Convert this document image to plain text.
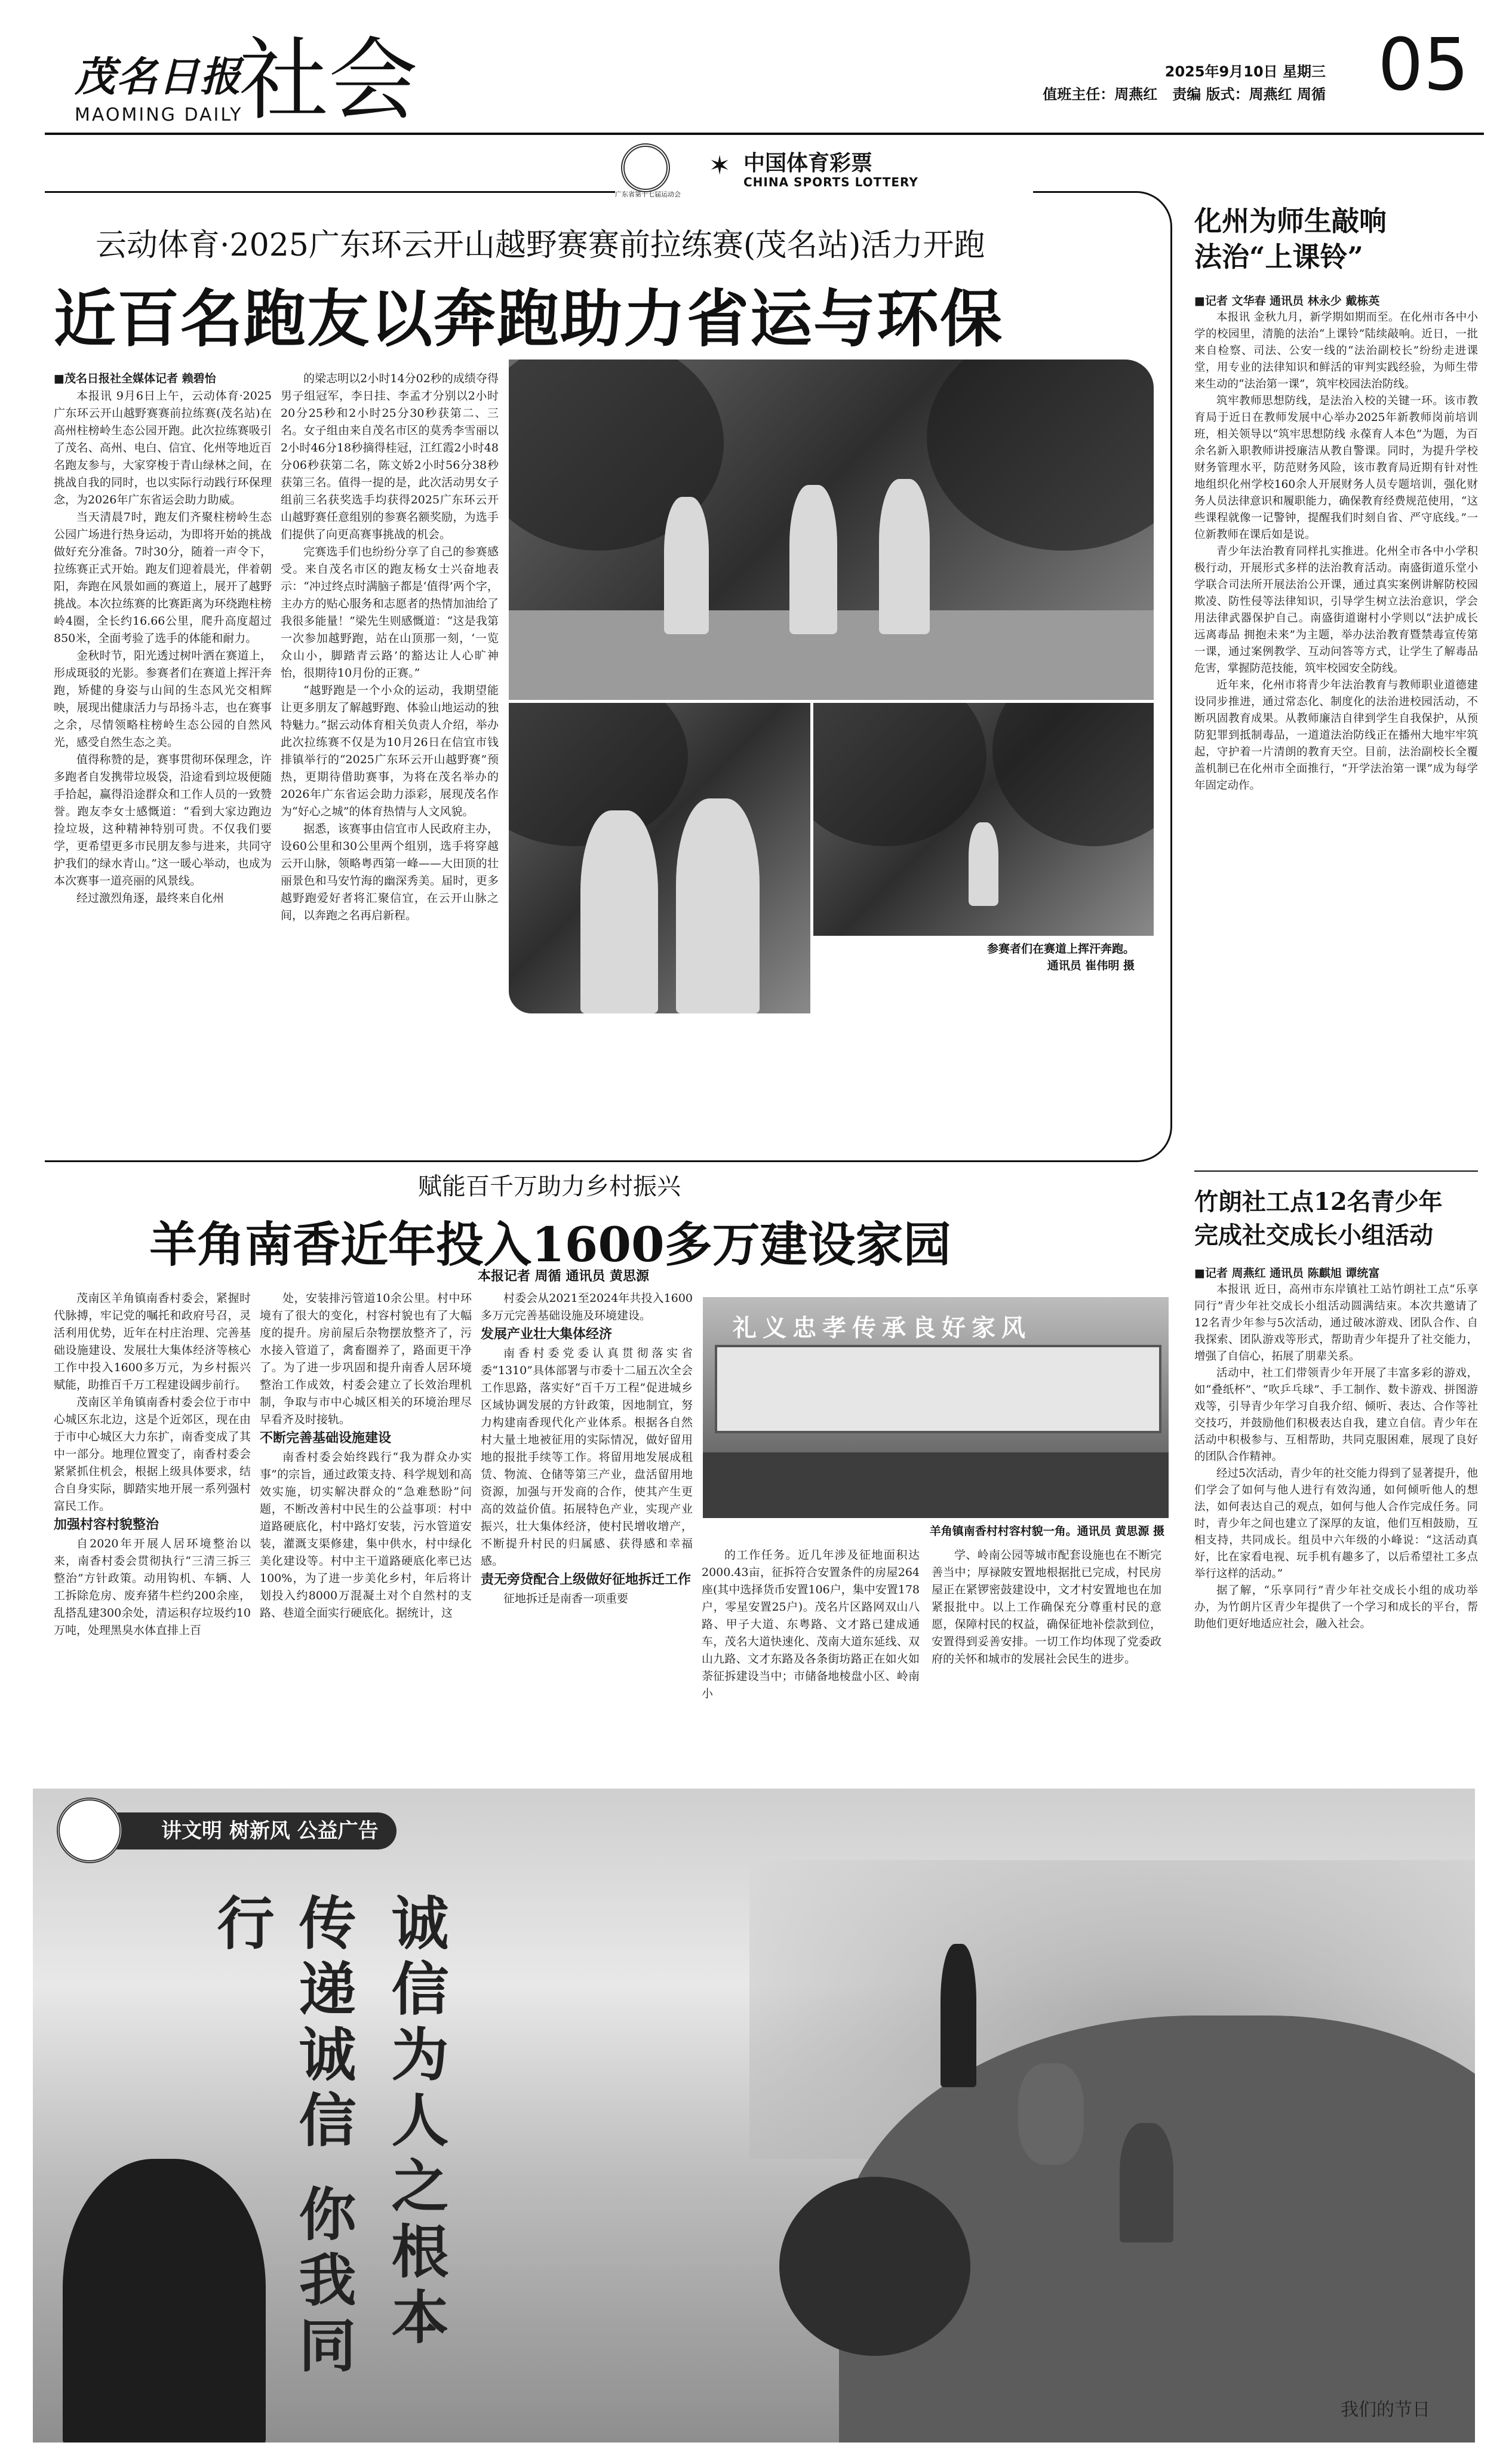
茂名日报
MAOMING DAILY
社会	2025年9月10日 星期三
值班主任：周燕红   责编 版式：周燕红 周循 05
广东省第十七届运动会
✶ 中国体育彩票
CHINA SPORTS LOTTERY
云动体育·2025广东环云开山越野赛赛前拉练赛(茂名站)活力开跑
近百名跑友以奔跑助力省运与环保

■茂名日报社全媒体记者 赖碧怡

本报讯 9月6日上午，云动体育·2025广东环云开山越野赛赛前拉练赛(茂名站)在高州柱榜岭生态公园开跑。此次拉练赛吸引了茂名、高州、电白、信宜、化州等地近百名跑友参与，大家穿梭于青山绿林之间，在挑战自我的同时，也以实际行动践行环保理念，为2026年广东省运会助力助威。

当天清晨7时，跑友们齐聚柱榜岭生态公园广场进行热身运动，为即将开始的挑战做好充分准备。7时30分，随着一声令下，拉练赛正式开始。跑友们迎着晨光，伴着朝阳，奔跑在风景如画的赛道上，展开了越野挑战。本次拉练赛的比赛距离为环绕跑柱榜岭4圈，全长约16.66公里，爬升高度超过850米，全面考验了选手的体能和耐力。

金秋时节，阳光透过树叶洒在赛道上，形成斑驳的光影。参赛者们在赛道上挥汗奔跑，矫健的身姿与山间的生态风光交相辉映，展现出健康活力与昂扬斗志，也在赛事之余，尽情领略柱榜岭生态公园的自然风光，感受自然生态之美。

值得称赞的是，赛事贯彻环保理念，许多跑者自发携带垃圾袋，沿途看到垃圾便随手拾起，赢得沿途群众和工作人员的一致赞誉。跑友李女士感慨道：“看到大家边跑边捡垃圾，这种精神特别可贵。不仅我们要学，更希望更多市民朋友参与进来，共同守护我们的绿水青山。”这一暖心举动，也成为本次赛事一道亮丽的风景线。

经过激烈角逐，最终来自化州

的梁志明以2小时14分02秒的成绩夺得男子组冠军，李日挂、李孟才分别以2小时20分25秒和2小时25分30秒获第二、三名。女子组由来自茂名市区的莫秀李雪丽以2小时46分18秒摘得桂冠，江红霞2小时48分06秒获第二名，陈文娇2小时56分38秒获第三名。值得一提的是，此次活动男女子组前三名获奖选手均获得2025广东环云开山越野赛任意组别的参赛名额奖励，为选手们提供了向更高赛事挑战的机会。

完赛选手们也纷纷分享了自己的参赛感受。来自茂名市区的跑友杨女士兴奋地表示：“冲过终点时满脑子都是‘值得’两个字，主办方的贴心服务和志愿者的热情加油给了我很多能量！”梁先生则感慨道：“这是我第一次参加越野跑，站在山顶那一刻，‘一览众山小，脚踏青云路’的豁达让人心旷神怡，很期待10月份的正赛。”

“越野跑是一个小众的运动，我期望能让更多朋友了解越野跑、体验山地运动的独特魅力。”据云动体育相关负责人介绍，举办此次拉练赛不仅是为10月26日在信宜市钱排镇举行的“2025广东环云开山越野赛”预热，更期待借助赛事，为将在茂名举办的2026年广东省运会助力添彩，展现茂名作为“好心之城”的体育热情与人文风貌。

据悉，该赛事由信宜市人民政府主办，设60公里和30公里两个组别，选手将穿越云开山脉，领略粤西第一峰——大田顶的壮丽景色和马安竹海的幽深秀美。届时，更多越野跑爱好者将汇聚信宜，在云开山脉之间，以奔跑之名再启新程。

参赛者们在赛道上挥汗奔跑。
通讯员 崔伟明 摄
化州为师生敲响
法治“上课铃”

■记者 文华春 通讯员 林永少 戴栋英

本报讯 金秋九月，新学期如期而至。在化州市各中小学的校园里，清脆的法治“上课铃”陆续敲响。近日，一批来自检察、司法、公安一线的“法治副校长”纷纷走进课堂，用专业的法律知识和鲜活的审判实践经验，为师生带来生动的“法治第一课”，筑牢校园法治防线。

筑牢教师思想防线，是法治入校的关键一环。该市教育局于近日在教师发展中心举办2025年新教师岗前培训班，相关领导以“筑牢思想防线 永葆育人本色”为题，为百余名新入职教师讲授廉洁从教自警课。同时，为提升学校财务管理水平，防范财务风险，该市教育局近期有针对性地组织化州学校160余人开展财务人员专题培训，强化财务人员法律意识和履职能力，确保教育经费规范使用，“这些课程就像一记警钟，提醒我们时刻自省、严守底线。”一位新教师在课后如是说。

青少年法治教育同样扎实推进。化州全市各中小学积极行动，开展形式多样的法治教育活动。南盛街道乐堂小学联合司法所开展法治公开课，通过真实案例讲解防校园欺凌、防性侵等法律知识，引导学生树立法治意识，学会用法律武器保护自己。南盛街道谢村小学则以“法护成长 远离毒品 拥抱未来”为主题，举办法治教育暨禁毒宣传第一课，通过案例教学、互动问答等方式，让学生了解毒品危害，掌握防范技能，筑牢校园安全防线。

近年来，化州市将青少年法治教育与教师职业道德建设同步推进，通过常态化、制度化的法治进校园活动，不断巩固教育成果。从教师廉洁自律到学生自我保护，从预防犯罪到抵制毒品，一道道法治防线正在播州大地牢牢筑起，守护着一片清朗的教育天空。目前，法治副校长全覆盖机制已在化州市全面推行，“开学法治第一课”成为每学年固定动作。

竹朗社工点12名青少年
完成社交成长小组活动

■记者 周燕红 通讯员 陈麒旭 谭统富

本报讯 近日，高州市东岸镇社工站竹朗社工点“乐享同行”青少年社交成长小组活动圆满结束。本次共邀请了12名青少年参与5次活动，通过破冰游戏、团队合作、自我探索、团队游戏等形式，帮助青少年提升了社交能力，增强了自信心，拓展了朋辈关系。

活动中，社工们带领青少年开展了丰富多彩的游戏，如“叠纸杯”、“吹乒乓球”、手工制作、数卡游戏、拼图游戏等，引导青少年学习自我介绍、倾听、表达、合作等社交技巧，并鼓励他们积极表达自我，建立自信。青少年在活动中积极参与、互相帮助，共同克服困难，展现了良好的团队合作精神。

经过5次活动，青少年的社交能力得到了显著提升，他们学会了如何与他人进行有效沟通，如何倾听他人的想法，如何表达自己的观点，如何与他人合作完成任务。同时，青少年之间也建立了深厚的友谊，他们互相鼓励，互相支持，共同成长。组员中六年级的小峰说：“这活动真好，比在家看电视、玩手机有趣多了，以后希望社工多点举行这样的活动。”

据了解，“乐享同行”青少年社交成长小组的成功举办，为竹朗片区青少年提供了一个学习和成长的平台，帮助他们更好地适应社会，融入社会。

赋能百千万助力乡村振兴
羊角南香近年投入1600多万建设家园
本报记者 周循 通讯员 黄思源

茂南区羊角镇南香村委会，紧握时代脉搏，牢记党的嘱托和政府号召，灵活利用优势，近年在村庄治理、完善基础设施建设、发展壮大集体经济等核心工作中投入1600多万元，为乡村振兴赋能，助推百千万工程建设阔步前行。

茂南区羊角镇南香村委会位于市中心城区东北边，这是个近郊区，现在由于市中心城区大力东扩，南香变成了其中一部分。地理位置变了，南香村委会紧紧抓住机会，根据上级具体要求，结合自身实际，脚踏实地开展一系列强村富民工作。

加强村容村貌整治

自2020年开展人居环境整治以来，南香村委会贯彻执行“三清三拆三整治”方针政策。动用钩机、车辆、人工拆除危房、废弃猪牛栏约200余座，乱搭乱建300余处，清运积存垃圾约10万吨，处理黑臭水体直排上百

处，安装排污管道10余公里。村中环境有了很大的变化，村容村貌也有了大幅度的提升。房前屋后杂物摆放整齐了，污水接入管道了，禽畜圈养了，路面更干净了。为了进一步巩固和提升南香人居环境整治工作成效，村委会建立了长效治理机制，争取与市中心城区相关的环境治理尽早看齐及时接轨。

不断完善基础设施建设

南香村委会始终践行“我为群众办实事”的宗旨，通过政策支持、科学规划和高效实施，切实解决群众的“急难愁盼”问题，不断改善村中民生的公益事项：村中道路硬底化，村中路灯安装，污水管道安装，灌溉支渠修建，集中供水，村中绿化美化建设等。村中主干道路硬底化率已达100%，为了进一步美化乡村，年后将计划投入约8000万混凝土对个自然村的支路、巷道全面实行硬底化。据统计，这

村委会从2021至2024年共投入1600多万元完善基础设施及环境建设。

发展产业壮大集体经济

南香村委党委认真贯彻落实省委“1310”具体部署与市委十二届五次全会工作思路，落实好“百千万工程”促进城乡区域协调发展的方针政策，因地制宜，努力构建南香现代化产业体系。根据各自然村大量土地被征用的实际情况，做好留用地的报批手续等工作。将留用地发展成租赁、物流、仓储等第三产业，盘活留用地资源，加强与开发商的合作，使其产生更高的效益价值。拓展特色产业，实现产业振兴，壮大集体经济，使村民增收增产，不断提升村民的归属感、获得感和幸福感。

责无旁贷配合上级做好征地拆迁工作

征地拆迁是南香一项重要

礼义忠孝传承良好家风
羊角镇南香村村容村貌一角。通讯员 黄思源 摄

的工作任务。近几年涉及征地面积达2000.43亩，征拆符合安置条件的房屋264座(其中选择货币安置106户，集中安置178户，零星安置25户)。茂名片区路网双山八路、甲子大道、东粤路、文才路已建成通车，茂名大道快速化、茂南大道东延线、双山九路、文才东路及各条街坊路正在如火如荼征拆建设当中；市储备地棱盘小区、岭南小

学、岭南公园等城市配套设施也在不断完善当中；厚禄陂安置地根据批已完成，村民房屋正在紧锣密鼓建设中，文才村安置地也在加紧报批中。以上工作确保充分尊重村民的意愿，保障村民的权益，确保征地补偿款到位，安置得到妥善安排。一切工作均体现了党委政府的关怀和城市的发展社会民生的进步。

讲文明 树新风 公益广告
诚信为人之根本
传递诚信 你我同行
我们的节日
